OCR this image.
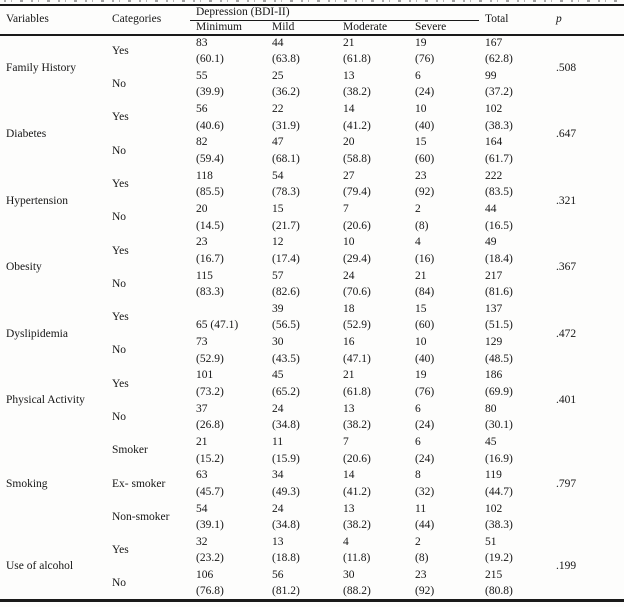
Variables	Categories	Depression (BDI-II)				Total	p
		Minimum	Mild	Moderate	Severe		
Family History	Yes	83	44	21	19	167	.508
		(60.1)	(63.8)	(61.8)	(76)	(62.8)	
	No	55	25	13	6	99	
		(39.9)	(36.2)	(38.2)	(24)	(37.2)	
Diabetes	Yes	56	22	14	10	102	.647
		(40.6)	(31.9)	(41.2)	(40)	(38.3)	
	No	82	47	20	15	164	
		(59.4)	(68.1)	(58.8)	(60)	(61.7)	
Hypertension	Yes	118	54	27	23	222	.321
		(85.5)	(78.3)	(79.4)	(92)	(83.5)	
	No	20	15	7	2	44	
		(14.5)	(21.7)	(20.6)	(8)	(16.5)	
Obesity	Yes	23	12	10	4	49	.367
		(16.7)	(17.4)	(29.4)	(16)	(18.4)	
	No	115	57	24	21	217	
		(83.3)	(82.6)	(70.6)	(84)	(81.6)	
Dyslipidemia	Yes		39	18	15	137	.472
		65 (47.1)	(56.5)	(52.9)	(60)	(51.5)	
	No	73	30	16	10	129	
		(52.9)	(43.5)	(47.1)	(40)	(48.5)	
Physical Activity	Yes	101	45	21	19	186	.401
		(73.2)	(65.2)	(61.8)	(76)	(69.9)	
	No	37	24	13	6	80	
		(26.8)	(34.8)	(38.2)	(24)	(30.1)	
Smoking	Smoker	21	11	7	6	45	.797
		(15.2)	(15.9)	(20.6)	(24)	(16.9)	
	Ex- smoker	63	34	14	8	119	
		(45.7)	(49.3)	(41.2)	(32)	(44.7)	
	Non-smoker	54	24	13	11	102	
		(39.1)	(34.8)	(38.2)	(44)	(38.3)	
Use of alcohol	Yes	32	13	4	2	51	.199
		(23.2)	(18.8)	(11.8)	(8)	(19.2)	
	No	106	56	30	23	215	
		(76.8)	(81.2)	(88.2)	(92)	(80.8)	
